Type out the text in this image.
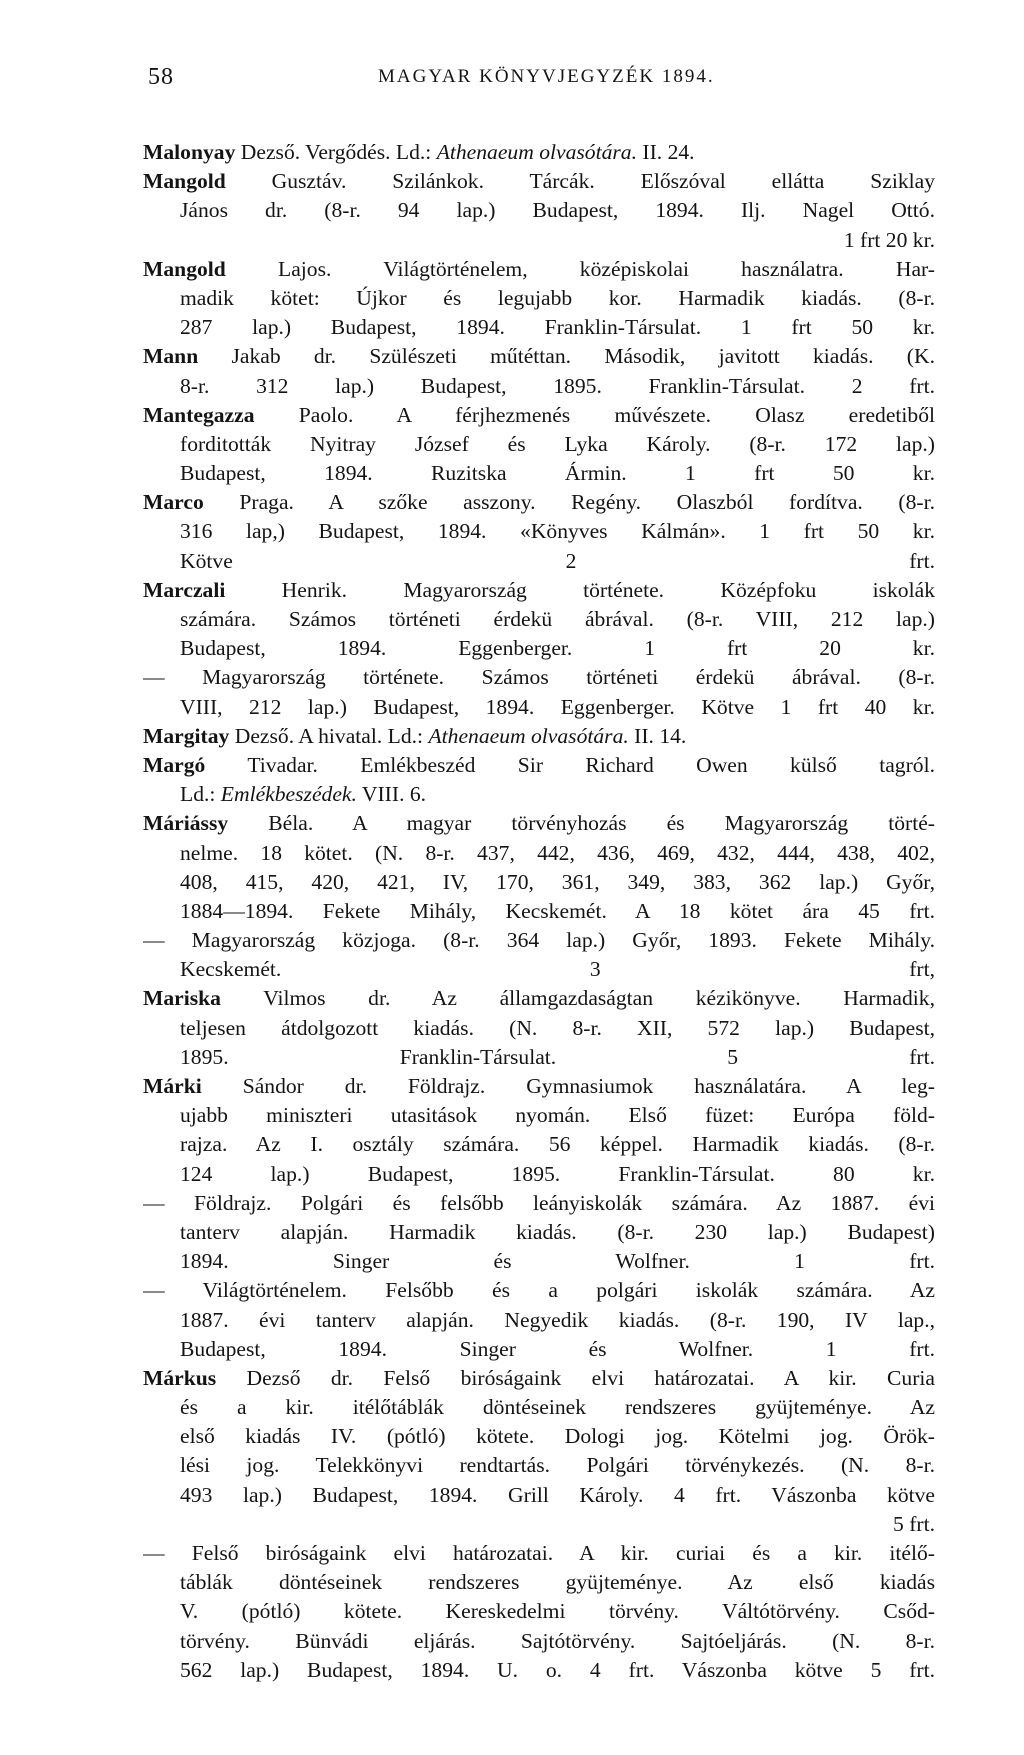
58	MAGYAR KÖNYVJEGYZÉK 1894.
Malonyay Dezső. Vergődés. Ld.: Athenaeum olvasótára. II. 24.
Mangold Gusztáv. Szilánkok. Tárcák. Előszóval ellátta Sziklay
János dr. (8-r. 94 lap.) Budapest, 1894. Ilj. Nagel Ottó.
1 frt 20 kr.
Mangold Lajos. Világtörténelem, középiskolai használatra. Har-
madik kötet: Újkor és legujabb kor. Harmadik kiadás. (8-r.
287 lap.) Budapest, 1894. Franklin-Társulat. 1 frt 50 kr.
Mann Jakab dr. Szülészeti műtéttan. Második, javitott kiadás. (K.
8-r. 312 lap.) Budapest, 1895. Franklin-Társulat. 2 frt.
Mantegazza Paolo. A férjhezmenés művészete. Olasz eredetiből
forditották Nyitray József és Lyka Károly. (8-r. 172 lap.)
Budapest, 1894. Ruzitska Ármin. 1 frt 50 kr.
Marco Praga. A szőke asszony. Regény. Olaszból fordítva. (8-r.
316 lap,) Budapest, 1894. «Könyves Kálmán». 1 frt 50 kr.
Kötve 2 frt.
Marczali Henrik. Magyarország története. Középfoku iskolák
számára. Számos történeti érdekü ábrával. (8-r. VIII, 212 lap.)
Budapest, 1894. Eggenberger. 1 frt 20 kr.
— Magyarország története. Számos történeti érdekü ábrával. (8-r.
VIII, 212 lap.) Budapest, 1894. Eggenberger. Kötve 1 frt 40 kr.
Margitay Dezső. A hivatal. Ld.: Athenaeum olvasótára. II. 14.
Margó Tivadar. Emlékbeszéd Sir Richard Owen külső tagról.
Ld.: Emlékbeszédek. VIII. 6.
Máriássy Béla. A magyar törvényhozás és Magyarország törté-
nelme. 18 kötet. (N. 8-r. 437, 442, 436, 469, 432, 444, 438, 402,
408, 415, 420, 421, IV, 170, 361, 349, 383, 362 lap.) Győr,
1884—1894. Fekete Mihály, Kecskemét. A 18 kötet ára 45 frt.
— Magyarország közjoga. (8-r. 364 lap.) Győr, 1893. Fekete Mihály.
Kecskemét. 3 frt,
Mariska Vilmos dr. Az államgazdaságtan kézikönyve. Harmadik,
teljesen átdolgozott kiadás. (N. 8-r. XII, 572 lap.) Budapest,
1895. Franklin-Társulat. 5 frt.
Márki Sándor dr. Földrajz. Gymnasiumok használatára. A leg-
ujabb miniszteri utasitások nyomán. Első füzet: Európa föld-
rajza. Az I. osztály számára. 56 képpel. Harmadik kiadás. (8-r.
124 lap.) Budapest, 1895. Franklin-Társulat. 80 kr.
— Földrajz. Polgári és felsőbb leányiskolák számára. Az 1887. évi
tanterv alapján. Harmadik kiadás. (8-r. 230 lap.) Budapest)
1894. Singer és Wolfner. 1 frt.
— Világtörténelem. Felsőbb és a polgári iskolák számára. Az
1887. évi tanterv alapján. Negyedik kiadás. (8-r. 190, IV lap.,
Budapest, 1894. Singer és Wolfner. 1 frt.
Márkus Dezső dr. Felső biróságaink elvi határozatai. A kir. Curia
és a kir. itélőtáblák döntéseinek rendszeres gyüjteménye. Az
első kiadás IV. (pótló) kötete. Dologi jog. Kötelmi jog. Örök-
lési jog. Telekkönyvi rendtartás. Polgári törvénykezés. (N. 8-r.
493 lap.) Budapest, 1894. Grill Károly. 4 frt. Vászonba kötve
5 frt.
— Felső biróságaink elvi határozatai. A kir. curiai és a kir. itélő-
táblák döntéseinek rendszeres gyüjteménye. Az első kiadás
V. (pótló) kötete. Kereskedelmi törvény. Váltótörvény. Csőd-
törvény. Bünvádi eljárás. Sajtótörvény. Sajtóeljárás. (N. 8-r.
562 lap.) Budapest, 1894. U. o. 4 frt. Vászonba kötve 5 frt.
